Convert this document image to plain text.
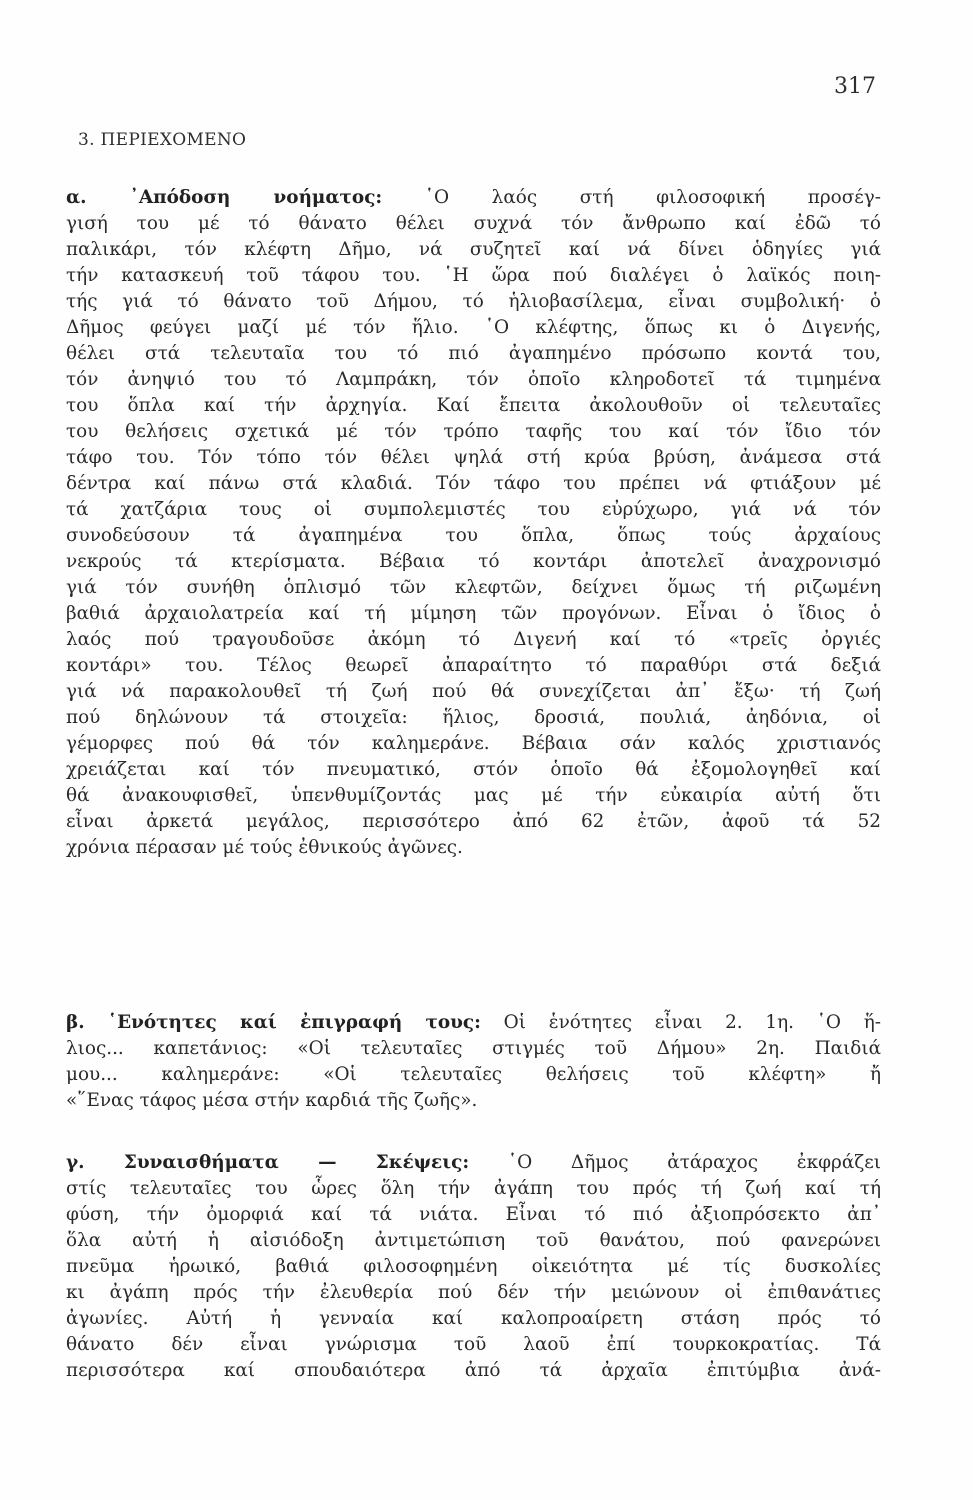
317
3. ΠΕΡΙΕΧΟΜΕΝΟ
α. ᾿Απόδοση νοήματος: ῾Ο λαός στή φιλοσοφική προσέγ-
γισή του μέ τό θάνατο θέλει συχνά τόν ἄνθρωπο καί ἐδῶ τό
παλικάρι, τόν κλέφτη Δῆμο, νά συζητεῖ καί νά δίνει ὁδηγίες γιά
τήν κατασκευή τοῦ τάφου του. ῾Η ὥρα πού διαλέγει ὁ λαϊκός ποιη-
τής γιά τό θάνατο τοῦ Δήμου, τό ἡλιοβασίλεμα, εἶναι συμβολική· ὁ
Δῆμος φεύγει μαζί μέ τόν ἥλιο. ῾Ο κλέφτης, ὅπως κι ὁ Διγενής,
θέλει στά τελευταῖα του τό πιό ἀγαπημένο πρόσωπο κοντά του,
τόν ἀνηψιό του τό Λαμπράκη, τόν ὁποῖο κληροδοτεῖ τά τιμημένα
του ὅπλα καί τήν ἀρχηγία. Καί ἔπειτα ἀκολουθοῦν οἱ τελευταῖες
του θελήσεις σχετικά μέ τόν τρόπο ταφῆς του καί τόν ἴδιο τόν
τάφο του. Τόν τόπο τόν θέλει ψηλά στή κρύα βρύση, ἀνάμεσα στά
δέντρα καί πάνω στά κλαδιά. Τόν τάφο του πρέπει νά φτιάξουν μέ
τά χατζάρια τους οἱ συμπολεμιστές του εὐρύχωρο, γιά νά τόν
συνοδεύσουν τά ἀγαπημένα του ὅπλα, ὅπως τούς ἀρχαίους
νεκρούς τά κτερίσματα. Βέβαια τό κοντάρι ἀποτελεῖ ἀναχρονισμό
γιά τόν συνήθη ὁπλισμό τῶν κλεφτῶν, δείχνει ὅμως τή ριζωμένη
βαθιά ἀρχαιολατρεία καί τή μίμηση τῶν προγόνων. Εἶναι ὁ ἴδιος ὁ
λαός πού τραγουδοῦσε ἀκόμη τό Διγενή καί τό «τρεῖς ὀργιές
κοντάρι» του. Τέλος θεωρεῖ ἀπαραίτητο τό παραθύρι στά δεξιά
γιά νά παρακολουθεῖ τή ζωή πού θά συνεχίζεται ἀπ᾿ ἔξω· τή ζωή
πού δηλώνουν τά στοιχεῖα: ἥλιος, δροσιά, πουλιά, ἀηδόνια, οἱ
γέμορφες πού θά τόν καλημεράνε. Βέβαια σάν καλός χριστιανός
χρειάζεται καί τόν πνευματικό, στόν ὁποῖο θά ἐξομολογηθεῖ καί
θά ἀνακουφισθεῖ, ὑπενθυμίζοντάς μας μέ τήν εὐκαιρία αὐτή ὅτι
εἶναι ἀρκετά μεγάλος, περισσότερο ἀπό 62 ἐτῶν, ἀφοῦ τά 52
χρόνια πέρασαν μέ τούς ἐθνικούς ἀγῶνες.
β. ῾Ενότητες καί ἐπιγραφή τους: Οἱ ἑνότητες εἶναι 2. 1η. ῾Ο ἥ-
λιος... καπετάνιος: «Οἱ τελευταῖες στιγμές τοῦ Δήμου» 2η. Παιδιά
μου... καλημεράνε: «Οἱ τελευταῖες θελήσεις τοῦ κλέφτη» ἤ
«῞Ενας τάφος μέσα στήν καρδιά τῆς ζωῆς».
γ. Συναισθήματα — Σκέψεις: ῾Ο Δῆμος ἀτάραχος ἐκφράζει
στίς τελευταῖες του ὧρες ὅλη τήν ἀγάπη του πρός τή ζωή καί τή
φύση, τήν ὀμορφιά καί τά νιάτα. Εἶναι τό πιό ἀξιοπρόσεκτο ἀπ᾿
ὅλα αὐτή ἡ αἰσιόδοξη ἀντιμετώπιση τοῦ θανάτου, πού φανερώνει
πνεῦμα ἡρωικό, βαθιά φιλοσοφημένη οἰκειότητα μέ τίς δυσκολίες
κι ἀγάπη πρός τήν ἐλευθερία πού δέν τήν μειώνουν οἱ ἐπιθανάτιες
ἀγωνίες. Αὐτή ἡ γενναία καί καλοπροαίρετη στάση πρός τό
θάνατο δέν εἶναι γνώρισμα τοῦ λαοῦ ἐπί τουρκοκρατίας. Τά
περισσότερα καί σπουδαιότερα ἀπό τά ἀρχαῖα ἐπιτύμβια ἀνά-
